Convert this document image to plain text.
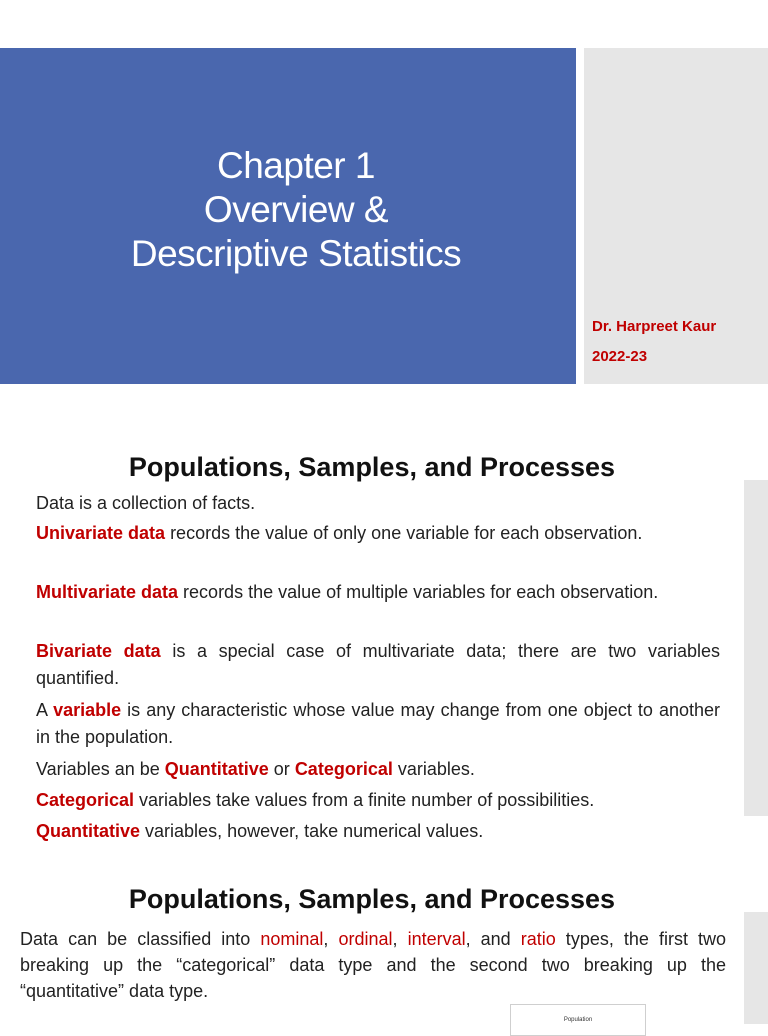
Chapter 1
Overview &
Descriptive Statistics
Dr. Harpreet Kaur
2022-23
Populations, Samples, and Processes
Data is a collection of facts.
Univariate data records the value of only one variable for each observation.
Multivariate data records the value of multiple variables for each observation.
Bivariate data is a special case of multivariate data; there are two variables quantified.
A variable is any characteristic whose value may change from one object to another in the population.
Variables an be Quantitative or Categorical variables.
Categorical variables take values from a finite number of possibilities.
Quantitative variables, however, take numerical values.
Populations, Samples, and Processes
Data can be classified into nominal, ordinal, interval, and ratio types, the first two breaking up the “categorical” data type and the second two breaking up the “quantitative” data type.
Population
